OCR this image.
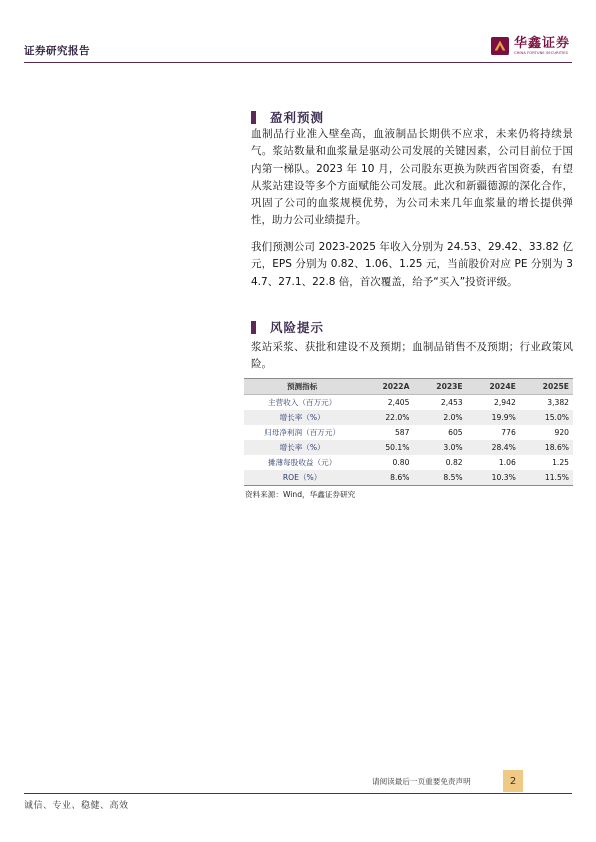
证券研究报告	华鑫证券
CHINA FORTUNE SECURITIES
盈利预测
血制品行业准入壁垒高，血液制品长期供不应求，未来仍将持续景气。浆站数量和血浆量是驱动公司发展的关键因素，公司目前位于国内第一梯队。2023 年 10 月，公司股东更换为陕西省国资委，有望从浆站建设等多个方面赋能公司发展。此次和新疆德源的深化合作，巩固了公司的血浆规模优势，为公司未来几年血浆量的增长提供弹性，助力公司业绩提升。
我们预测公司 2023-2025 年收入分别为 24.53、29.42、33.82 亿元，EPS 分别为 0.82、1.06、1.25 元，当前股价对应 PE 分别为 34.7、27.1、22.8 倍，首次覆盖，给予“买入”投资评级。
风险提示
浆站采浆、获批和建设不及预期；血制品销售不及预期；行业政策风险。
预测指标	2022A	2023E	2024E	2025E
主营收入（百万元）	2,405	2,453	2,942	3,382
增长率（%）	22.0%	2.0%	19.9%	15.0%
归母净利润（百万元）	587	605	776	920
增长率（%）	50.1%	3.0%	28.4%	18.6%
摊薄每股收益（元）	0.80	0.82	1.06	1.25
ROE（%）	8.6%	8.5%	10.3%	11.5%
资料来源：Wind，华鑫证券研究
请阅读最后一页重要免责声明	2
诚信、专业、稳健、高效
